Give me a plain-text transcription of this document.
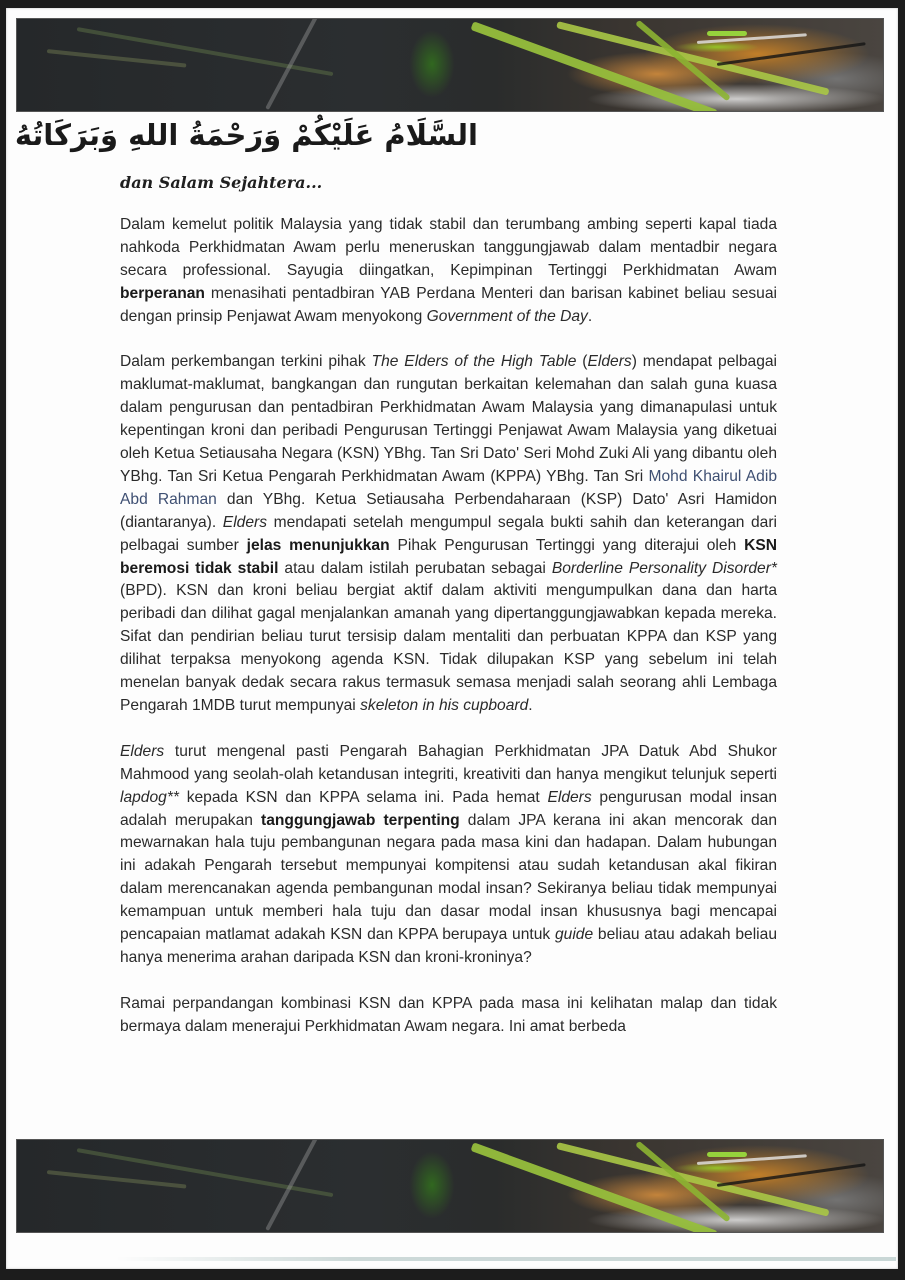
السَّلَامُ عَلَيْكُمْ وَرَحْمَةُ اللهِ وَبَرَكَاتُهُ
dan Salam Sejahtera...

Dalam kemelut politik Malaysia yang tidak stabil dan terumbang ambing seperti kapal tiada nahkoda Perkhidmatan Awam perlu meneruskan tanggungjawab dalam mentadbir negara secara professional. Sayugia diingatkan, Kepimpinan Tertinggi Perkhidmatan Awam berperanan menasihati pentadbiran YAB Perdana Menteri dan barisan kabinet beliau sesuai dengan prinsip Penjawat Awam menyokong Government of the Day.

Dalam perkembangan terkini pihak The Elders of the High Table (Elders) mendapat pelbagai maklumat-maklumat, bangkangan dan rungutan berkaitan kelemahan dan salah guna kuasa dalam pengurusan dan pentadbiran Perkhidmatan Awam Malaysia yang dimanapulasi untuk kepentingan kroni dan peribadi Pengurusan Tertinggi Penjawat Awam Malaysia yang diketuai oleh Ketua Setiausaha Negara (KSN) YBhg. Tan Sri Dato' Seri Mohd Zuki Ali yang dibantu oleh YBhg. Tan Sri Ketua Pengarah Perkhidmatan Awam (KPPA) YBhg. Tan Sri Mohd Khairul Adib Abd Rahman dan YBhg. Ketua Setiausaha Perbendaharaan (KSP) Dato' Asri Hamidon (diantaranya). Elders mendapati setelah mengumpul segala bukti sahih dan keterangan dari pelbagai sumber jelas menunjukkan Pihak Pengurusan Tertinggi yang diterajui oleh KSN beremosi tidak stabil atau dalam istilah perubatan sebagai Borderline Personality Disorder* (BPD). KSN dan kroni beliau bergiat aktif dalam aktiviti mengumpulkan dana dan harta peribadi dan dilihat gagal menjalankan amanah yang dipertanggungjawabkan kepada mereka. Sifat dan pendirian beliau turut tersisip dalam mentaliti dan perbuatan KPPA dan KSP yang dilihat terpaksa menyokong agenda KSN. Tidak dilupakan KSP yang sebelum ini telah menelan banyak dedak secara rakus termasuk semasa menjadi salah seorang ahli Lembaga Pengarah 1MDB turut mempunyai skeleton in his cupboard.

Elders turut mengenal pasti Pengarah Bahagian Perkhidmatan JPA Datuk Abd Shukor Mahmood yang seolah-olah ketandusan integriti, kreativiti dan hanya mengikut telunjuk seperti lapdog** kepada KSN dan KPPA selama ini. Pada hemat Elders pengurusan modal insan adalah merupakan tanggungjawab terpenting dalam JPA kerana ini akan mencorak dan mewarnakan hala tuju pembangunan negara pada masa kini dan hadapan. Dalam hubungan ini adakah Pengarah tersebut mempunyai kompitensi atau sudah ketandusan akal fikiran dalam merencanakan agenda pembangunan modal insan? Sekiranya beliau tidak mempunyai kemampuan untuk memberi hala tuju dan dasar modal insan khususnya bagi mencapai pencapaian matlamat adakah KSN dan KPPA berupaya untuk guide beliau atau adakah beliau hanya menerima arahan daripada KSN dan kroni-kroninya?

Ramai perpandangan kombinasi KSN dan KPPA pada masa ini kelihatan malap dan tidak bermaya dalam menerajui Perkhidmatan Awam negara. Ini amat berbeda
